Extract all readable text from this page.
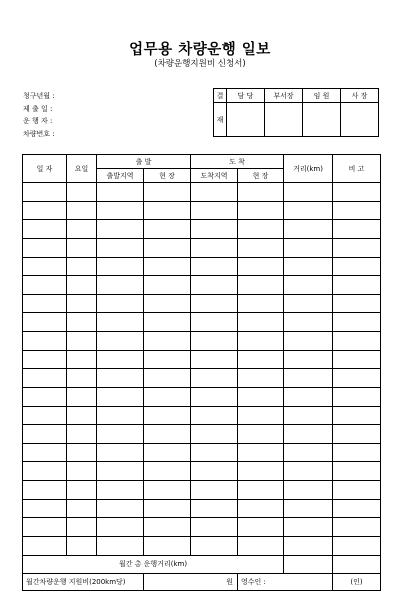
업무용 차량운행 일보
(차량운행지원비 신청서)
청구년월 :
제 출 일 :
운 행 자 :
차량번호 :
결	담 당	부서장	임 원	사 장
재				
일 자	요일	출 발		도 착		거리(km)	비 고
		출발지역	현 장	도착지역	현 장		

월간 총 운행거리(km)							
월간차량운행 지원비(200km당)			원		영수인 :		(인)
